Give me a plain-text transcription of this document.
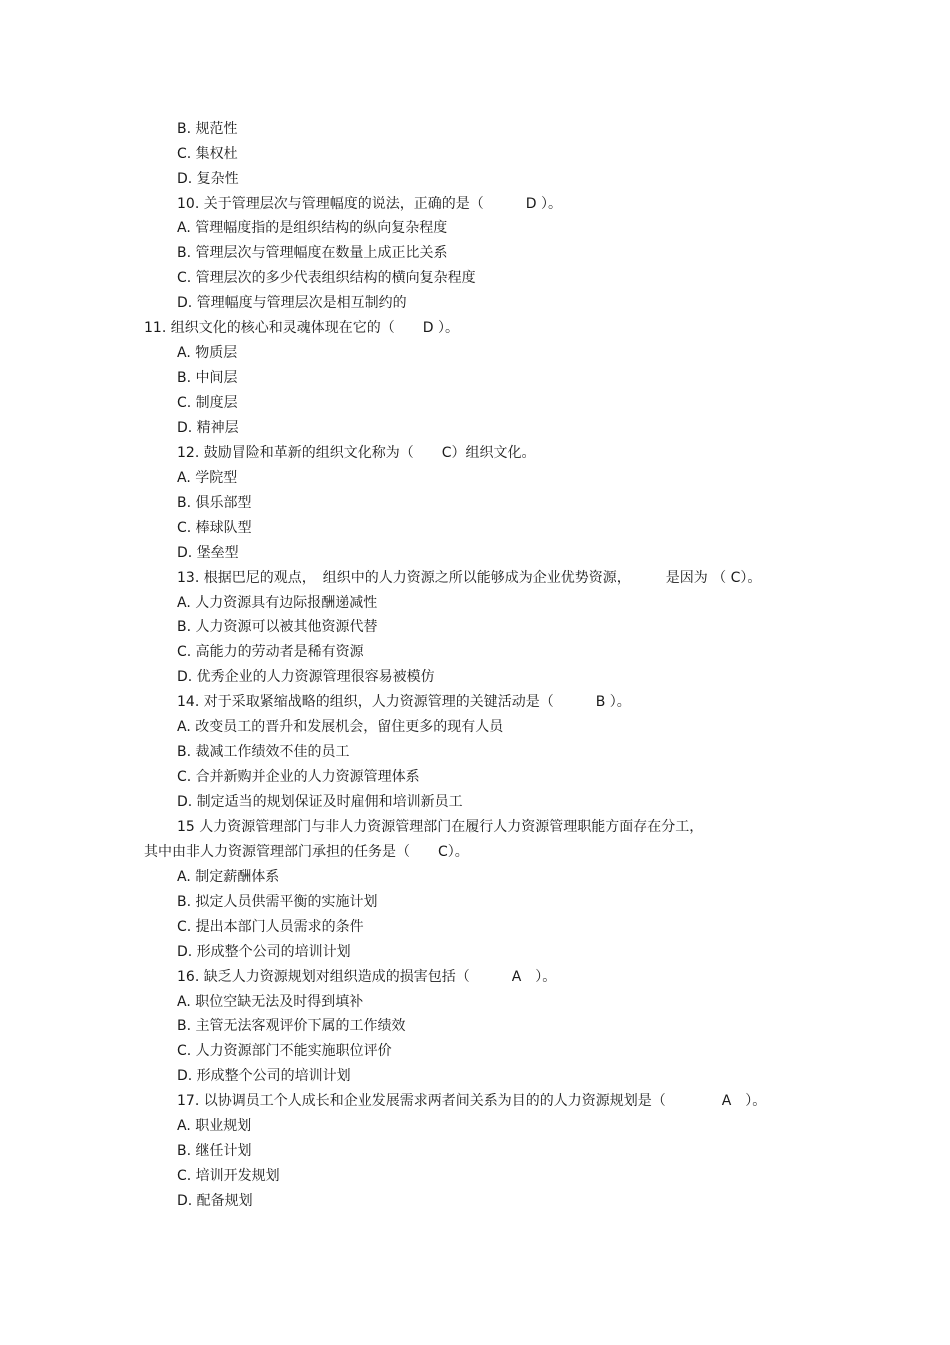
B. 规范性
C. 集权杜
D. 复杂性
10. 关于管理层次与管理幅度的说法，正确的是（　　　D ）。
A. 管理幅度指的是组织结构的纵向复杂程度
B. 管理层次与管理幅度在数量上成正比关系
C. 管理层次的多少代表组织结构的横向复杂程度
D. 管理幅度与管理层次是相互制约的
11. 组织文化的核心和灵魂体现在它的（　　D ）。
A. 物质层
B. 中间层
C. 制度层
D. 精神层
12. 鼓励冒险和革新的组织文化称为（　　C）组织文化。
A. 学院型
B. 俱乐部型
C. 棒球队型
D. 堡垒型
13. 根据巴尼的观点，　组织中的人力资源之所以能够成为企业优势资源，　　　是因为 （ C）。
A. 人力资源具有边际报酬递减性
B. 人力资源可以被其他资源代替
C. 高能力的劳动者是稀有资源
D. 优秀企业的人力资源管理很容易被模仿
14. 对于采取紧缩战略的组织，人力资源管理的关键活动是（　　　B ）。
A. 改变员工的晋升和发展机会，留住更多的现有人员
B. 裁减工作绩效不佳的员工
C. 合并新购并企业的人力资源管理体系
D. 制定适当的规划保证及时雇佣和培训新员工
15 人力资源管理部门与非人力资源管理部门在履行人力资源管理职能方面存在分工，
其中由非人力资源管理部门承担的任务是（　　C）。
A. 制定薪酬体系
B. 拟定人员供需平衡的实施计划
C. 提出本部门人员需求的条件
D. 形成整个公司的培训计划
16. 缺乏人力资源规划对组织造成的损害包括（　　　A　）。
A. 职位空缺无法及时得到填补
B. 主管无法客观评价下属的工作绩效
C. 人力资源部门不能实施职位评价
D. 形成整个公司的培训计划
17. 以协调员工个人成长和企业发展需求两者间关系为目的的人力资源规划是（　　　　A　）。
A. 职业规划
B. 继任计划
C. 培训开发规划
D. 配备规划
